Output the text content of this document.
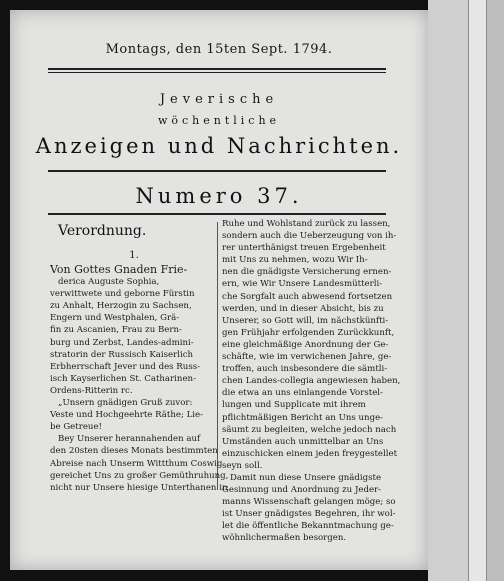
Montags, den 15ten Sept. 1794.
Jeverische
wöchentliche
Anzeigen und Nachrichten.
Numero 37.
Verordnung.
1.
Von Gottes Gnaden Frie-
derica Auguste Sophia,
verwittwete und geborne Fürstin
zu Anhalt, Herzogin zu Sachsen,
Engern und Westphalen, Grä-
fin zu Ascanien, Frau zu Bern-
burg und Zerbst, Landes-admini-
stratorin der Russisch Kaiserlich
Erbherrschaft Jever und des Russ-
isch Kayserlichen St. Catharinen-
Ordens-Ritterin rc.
„Unsern gnädigen Gruß zuvor:
Veste und Hochgeehrte Räthe; Lie-
be Getreue!
Bey Unserer herannahenden auf
den 20sten dieses Monats bestimmten
Abreise nach Unserm Wittthum Coswig
gereichet Uns zu großer Gemüthruhung,
nicht nur Unsere hiesige Unterthanen in
Ruhe und Wohlstand zurück zu lassen,
sondern auch die Ueberzeugung von ih-
rer unterthänigst treuen Ergebenheit
mit Uns zu nehmen, wozu Wir Ih-
nen die gnädigste Versicherung ernen-
ern, wie Wir Unsere Landesmütterli-
che Sorgfalt auch abwesend fortsetzen
werden, und in dieser Absicht, bis zu
Unserer, so Gott will, im nächstkünfti-
gen Frühjahr erfolgenden Zurückkunft,
eine gleichmäßige Anordnung der Ge-
schäfte, wie im verwichenen Jahre, ge-
troffen, auch insbesondere die sämtli-
chen Landes-collegia angewiesen haben,
die etwa an uns einlangende Vorstel-
lungen und Supplicate mit ihrem
pflichtmäßigen Bericht an Uns unge-
säumt zu begleiten, welche jedoch nach
Umständen auch unmittelbar an Uns
einzuschicken einem jeden freygestellet
seyn soll.
Damit nun diese Unsere gnädigste
Gesinnung und Anordnung zu Jeder-
manns Wissenschaft gelangen möge; so
ist Unser gnädigstes Begehren, ihr wol-
let die öffentliche Bekanntmachung ge-
wöhnlichermaßen besorgen.
